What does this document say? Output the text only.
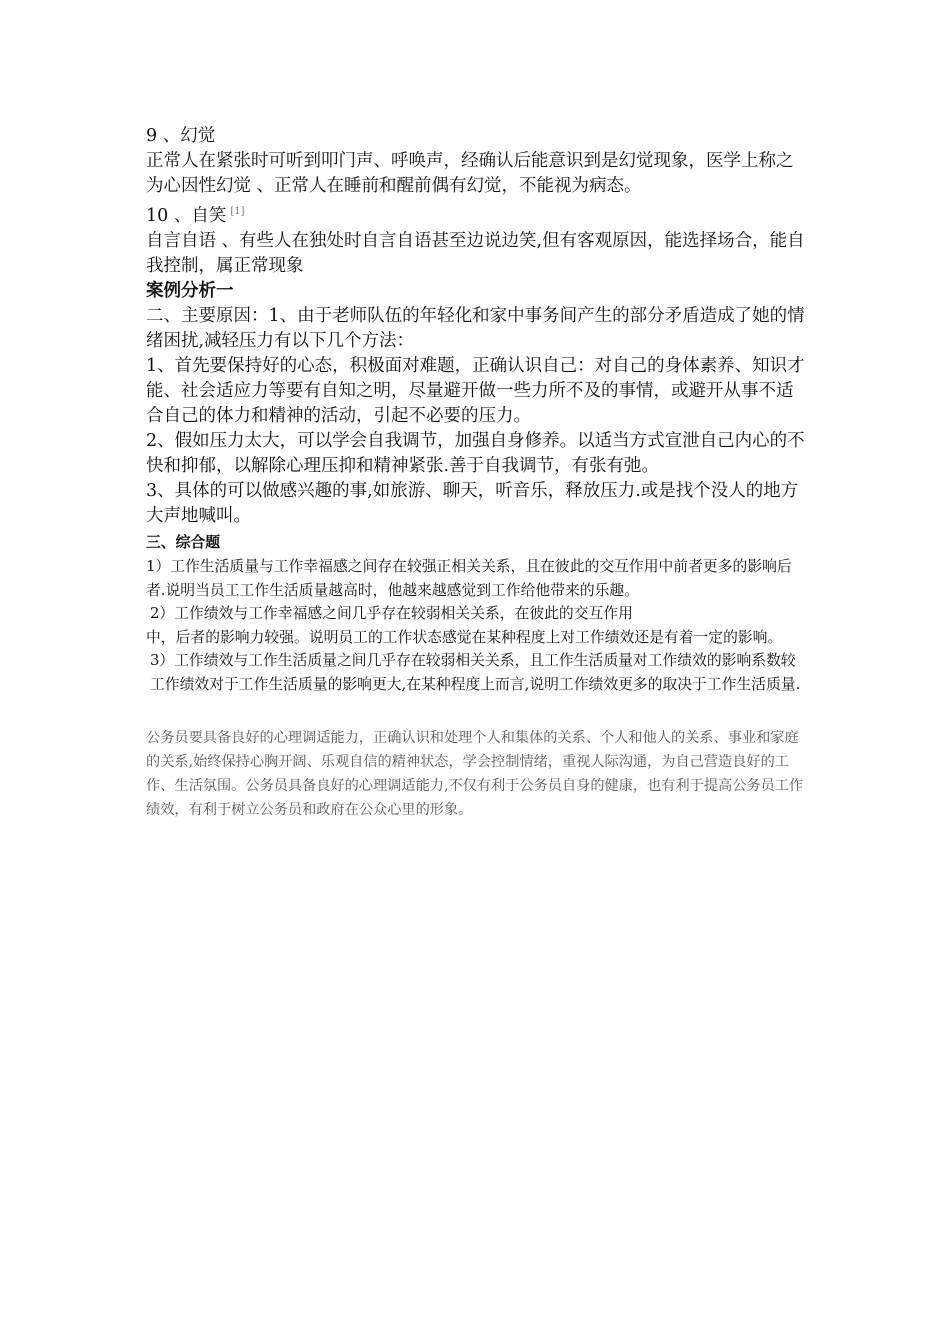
9 、幻觉

正常人在紧张时可听到叩门声、呼唤声，经确认后能意识到是幻觉现象，医学上称之为心因性幻觉 、正常人在睡前和醒前偶有幻觉，不能视为病态。

10 、自笑 [1]

自言自语 、有些人在独处时自言自语甚至边说边笑,但有客观原因，能选择场合，能自我控制，属正常现象

案例分析一

二、主要原因：1、由于老师队伍的年轻化和家中事务间产生的部分矛盾造成了她的情绪困扰,减轻压力有以下几个方法：

1、首先要保持好的心态，积极面对难题，正确认识自己：对自己的身体素养、知识才能、社会适应力等要有自知之明，尽量避开做一些力所不及的事情，或避开从事不适合自己的体力和精神的活动，引起不必要的压力。

2、假如压力太大，可以学会自我调节，加强自身修养。以适当方式宣泄自己内心的不快和抑郁，以解除心理压抑和精神紧张.善于自我调节，有张有弛。

3、具体的可以做感兴趣的事,如旅游、聊天，听音乐，释放压力.或是找个没人的地方大声地喊叫。

三、综合题

1）工作生活质量与工作幸福感之间存在较强正相关关系，且在彼此的交互作用中前者更多的影响后者.说明当员工工作生活质量越高时，他越来越感觉到工作给他带来的乐趣。

2）工作绩效与工作幸福感之间几乎存在较弱相关关系，在彼此的交互作用

中，后者的影响力较强。说明员工的工作状态感觉在某种程度上对工作绩效还是有着一定的影响。

3）工作绩效与工作生活质量之间几乎存在较弱相关关系，且工作生活质量对工作绩效的影响系数较工作绩效对于工作生活质量的影响更大,在某种程度上而言,说明工作绩效更多的取决于工作生活质量.

公务员要具备良好的心理调适能力，正确认识和处理个人和集体的关系、个人和他人的关系、事业和家庭的关系,始终保持心胸开阔、乐观自信的精神状态，学会控制情绪，重视人际沟通，为自己营造良好的工作、生活氛围。公务员具备良好的心理调适能力,不仅有利于公务员自身的健康，也有利于提高公务员工作绩效，有利于树立公务员和政府在公众心里的形象。
